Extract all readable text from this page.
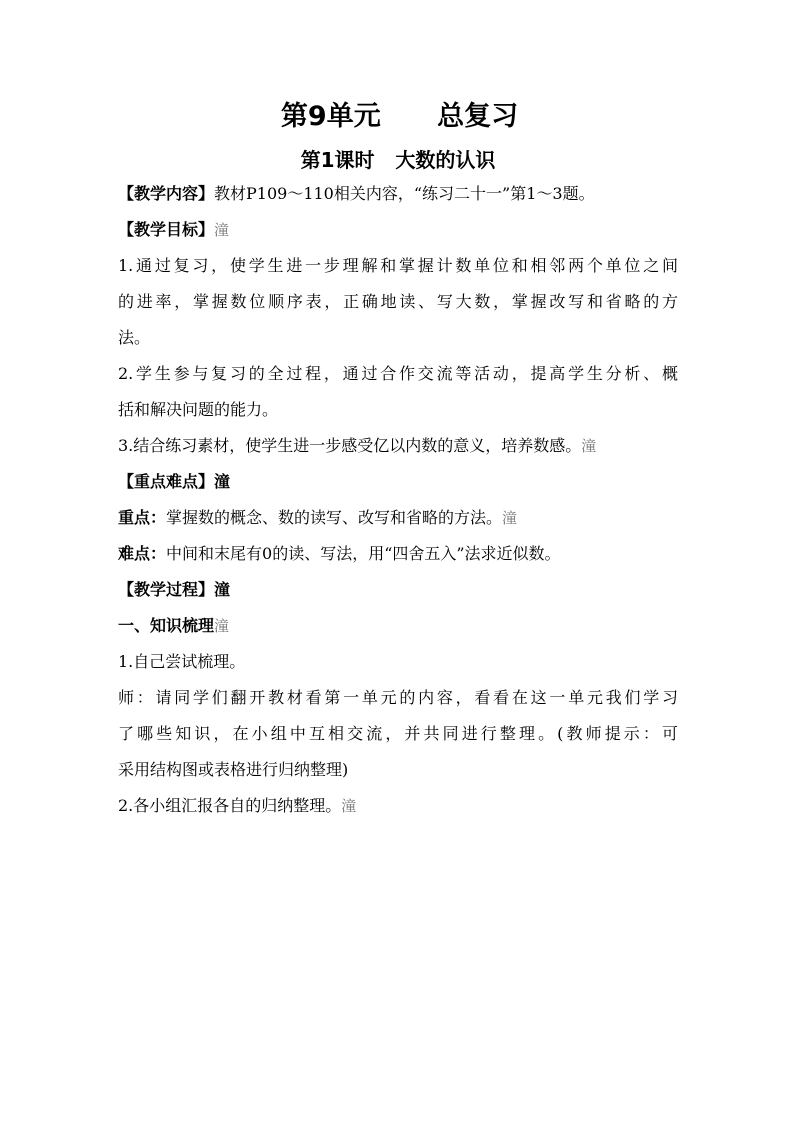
第9单元      总复习
第1课时   大数的认识
【教学内容】教材P109～110相关内容，“练习二十一”第1～3题。
【教学目标】潼
1.通过复习，使学生进一步理解和掌握计数单位和相邻两个单位之间
的进率，掌握数位顺序表，正确地读、写大数，掌握改写和省略的方
法。
2.学生参与复习的全过程，通过合作交流等活动，提高学生分析、概
括和解决问题的能力。
3.结合练习素材，使学生进一步感受亿以内数的意义，培养数感。潼
【重点难点】潼
重点：掌握数的概念、数的读写、改写和省略的方法。潼
难点：中间和末尾有0的读、写法，用“四舍五入”法求近似数。
【教学过程】潼
一、知识梳理潼
1.自己尝试梳理。
师：请同学们翻开教材看第一单元的内容，看看在这一单元我们学习
了哪些知识，在小组中互相交流，并共同进行整理。(教师提示：可
采用结构图或表格进行归纳整理)
2.各小组汇报各自的归纳整理。潼
